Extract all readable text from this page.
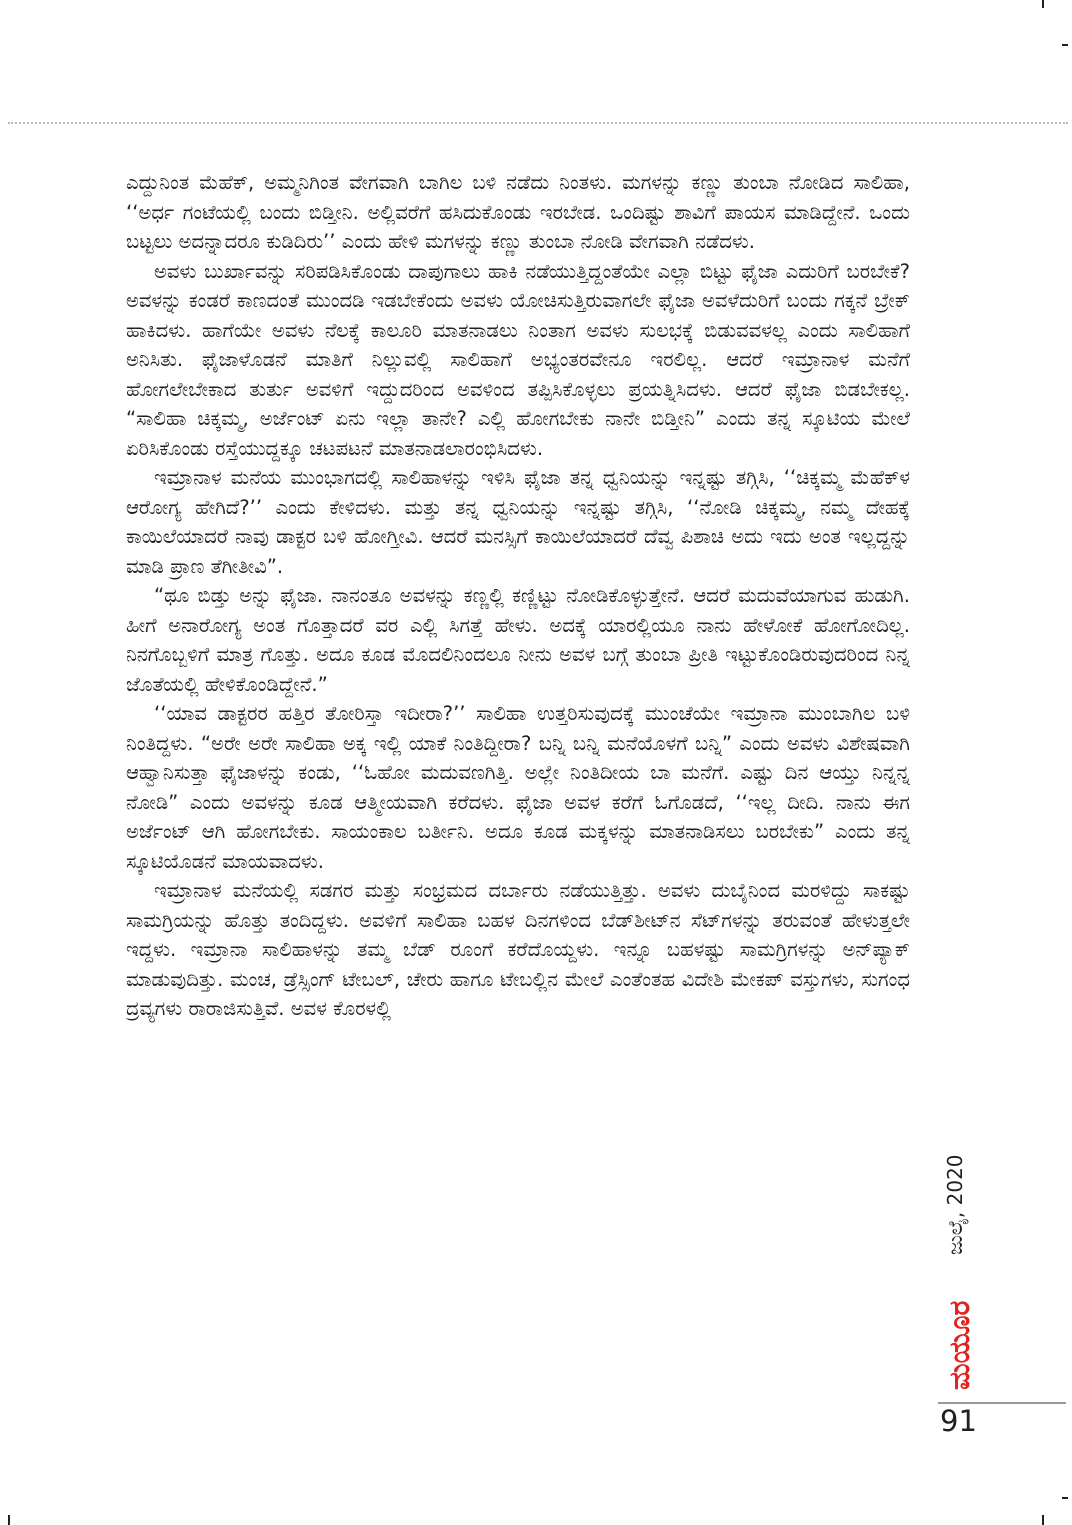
ಎದ್ದುನಿಂತ ಮೆಹೆಕ್, ಅಮ್ಮನಿಗಿಂತ ವೇಗವಾಗಿ ಬಾಗಿಲ ಬಳಿ ನಡೆದು ನಿಂತಳು. ಮಗಳನ್ನು ಕಣ್ಣು ತುಂಬಾ ನೋಡಿದ ಸಾಲಿಹಾ, ‘‘ಅರ್ಧ ಗಂಟೆಯಲ್ಲಿ ಬಂದು ಬಿಡ್ತೀನಿ. ಅಲ್ಲಿವರೆಗೆ ಹಸಿದುಕೊಂಡು ಇರಬೇಡ. ಒಂದಿಷ್ಟು ಶಾವಿಗೆ ಪಾಯಸ ಮಾಡಿದ್ದೇನೆ. ಒಂದು ಬಟ್ಟಲು ಅದನ್ನಾದರೂ ಕುಡಿದಿರು’’ ಎಂದು ಹೇಳಿ ಮಗಳನ್ನು ಕಣ್ಣು ತುಂಬಾ ನೋಡಿ ವೇಗವಾಗಿ ನಡೆದಳು.

ಅವಳು ಬುರ್ಖಾವನ್ನು ಸರಿಪಡಿಸಿಕೊಂಡು ದಾಪುಗಾಲು ಹಾಕಿ ನಡೆಯುತ್ತಿದ್ದಂತೆಯೇ ಎಲ್ಲಾ ಬಿಟ್ಟು ಫೈಜಾ ಎದುರಿಗೆ ಬರಬೇಕೆ? ಅವಳನ್ನು ಕಂಡರೆ ಕಾಣದಂತೆ ಮುಂದಡಿ ಇಡಬೇಕೆಂದು ಅವಳು ಯೋಚಿಸುತ್ತಿರುವಾಗಲೇ ಫೈಜಾ ಅವಳೆದುರಿಗೆ ಬಂದು ಗಕ್ಕನೆ ಬ್ರೇಕ್ ಹಾಕಿದಳು. ಹಾಗೆಯೇ ಅವಳು ನೆಲಕ್ಕೆ ಕಾಲೂರಿ ಮಾತನಾಡಲು ನಿಂತಾಗ ಅವಳು ಸುಲಭಕ್ಕೆ ಬಿಡುವವಳಲ್ಲ ಎಂದು ಸಾಲಿಹಾಗೆ ಅನಿಸಿತು. ಫೈಜಾಳೊಡನೆ ಮಾತಿಗೆ ನಿಲ್ಲುವಲ್ಲಿ ಸಾಲಿಹಾಗೆ ಅಭ್ಯಂತರವೇನೂ ಇರಲಿಲ್ಲ. ಆದರೆ ಇಮ್ರಾನಾಳ ಮನೆಗೆ ಹೋಗಲೇಬೇಕಾದ ತುರ್ತು ಅವಳಿಗೆ ಇದ್ದುದರಿಂದ ಅವಳಿಂದ ತಪ್ಪಿಸಿಕೊಳ್ಳಲು ಪ್ರಯತ್ನಿಸಿದಳು. ಆದರೆ ಫೈಜಾ ಬಿಡಬೇಕಲ್ಲ. “ಸಾಲಿಹಾ ಚಿಕ್ಕಮ್ಮ, ಅರ್ಜೆಂಟ್ ಏನು ಇಲ್ಲಾ ತಾನೇ? ಎಲ್ಲಿ ಹೋಗಬೇಕು ನಾನೇ ಬಿಡ್ತೀನಿ” ಎಂದು ತನ್ನ ಸ್ಕೂಟಿಯ ಮೇಲೆ ಏರಿಸಿಕೊಂಡು ರಸ್ತೆಯುದ್ದಕ್ಕೂ ಚಟಪಟನೆ ಮಾತನಾಡಲಾರಂಭಿಸಿದಳು.

ಇಮ್ರಾನಾಳ ಮನೆಯ ಮುಂಭಾಗದಲ್ಲಿ ಸಾಲಿಹಾಳನ್ನು ಇಳಿಸಿ ಫೈಜಾ ತನ್ನ ಧ್ವನಿಯನ್ನು ಇನ್ನಷ್ಟು ತಗ್ಗಿಸಿ, ‘‘ಚಿಕ್ಕಮ್ಮ ಮೆಹೆಕ್‌ಳ ಆರೋಗ್ಯ ಹೇಗಿದೆ?’’ ಎಂದು ಕೇಳಿದಳು. ಮತ್ತು ತನ್ನ ಧ್ವನಿಯನ್ನು ಇನ್ನಷ್ಟು ತಗ್ಗಿಸಿ, ‘‘ನೋಡಿ ಚಿಕ್ಕಮ್ಮ, ನಮ್ಮ ದೇಹಕ್ಕೆ ಕಾಯಿಲೆಯಾದರೆ ನಾವು ಡಾಕ್ಟರ ಬಳಿ ಹೋಗ್ತೀವಿ. ಆದರೆ ಮನಸ್ಸಿಗೆ ಕಾಯಿಲೆಯಾದರೆ ದೆವ್ವ ಪಿಶಾಚಿ ಅದು ಇದು ಅಂತ ಇಲ್ಲದ್ದನ್ನು ಮಾಡಿ ಪ್ರಾಣ ತೆಗೀತೀವಿ”.

“ಥೂ ಬಿಡ್ತು ಅನ್ನು ಫೈಜಾ. ನಾನಂತೂ ಅವಳನ್ನು ಕಣ್ಣಲ್ಲಿ ಕಣ್ಣಿಟ್ಟು ನೋಡಿಕೊಳ್ಳುತ್ತೇನೆ. ಆದರೆ ಮದುವೆಯಾಗುವ ಹುಡುಗಿ. ಹೀಗೆ ಅನಾರೋಗ್ಯ ಅಂತ ಗೊತ್ತಾದರೆ ವರ ಎಲ್ಲಿ ಸಿಗತ್ತೆ ಹೇಳು. ಅದಕ್ಕೆ ಯಾರಲ್ಲಿಯೂ ನಾನು ಹೇಳೋಕೆ ಹೋಗೋದಿಲ್ಲ. ನಿನಗೊಬ್ಬಳಿಗೆ ಮಾತ್ರ ಗೊತ್ತು. ಅದೂ ಕೂಡ ಮೊದಲಿನಿಂದಲೂ ನೀನು ಅವಳ ಬಗ್ಗೆ ತುಂಬಾ ಪ್ರೀತಿ ಇಟ್ಟುಕೊಂಡಿರುವುದರಿಂದ ನಿನ್ನ ಜೊತೆಯಲ್ಲಿ ಹೇಳಿಕೊಂಡಿದ್ದೇನೆ.”

‘‘ಯಾವ ಡಾಕ್ಟರರ ಹತ್ತಿರ ತೋರಿಸ್ತಾ ಇದೀರಾ?’’ ಸಾಲಿಹಾ ಉತ್ತರಿಸುವುದಕ್ಕೆ ಮುಂಚೆಯೇ ಇಮ್ರಾನಾ ಮುಂಬಾಗಿಲ ಬಳಿ ನಿಂತಿದ್ದಳು. “ಅರೇ ಅರೇ ಸಾಲಿಹಾ ಅಕ್ಕ ಇಲ್ಲಿ ಯಾಕೆ ನಿಂತಿದ್ದೀರಾ? ಬನ್ನಿ ಬನ್ನಿ ಮನೆಯೊಳಗೆ ಬನ್ನಿ” ಎಂದು ಅವಳು ವಿಶೇಷವಾಗಿ ಆಹ್ವಾನಿಸುತ್ತಾ ಫೈಜಾಳನ್ನು ಕಂಡು, ‘‘ಓಹೋ ಮದುವಣಗಿತ್ತಿ. ಅಲ್ಲೇ ನಿಂತಿದೀಯ ಬಾ ಮನೆಗೆ. ಎಷ್ಟು ದಿನ ಆಯ್ತು ನಿನ್ನನ್ನ ನೋಡಿ” ಎಂದು ಅವಳನ್ನು ಕೂಡ ಆತ್ಮೀಯವಾಗಿ ಕರೆದಳು. ಫೈಜಾ ಅವಳ ಕರೆಗೆ ಓಗೊಡದೆ, ‘‘ಇಲ್ಲ ದೀದಿ. ನಾನು ಈಗ ಅರ್ಜೆಂಟ್ ಆಗಿ ಹೋಗಬೇಕು. ಸಾಯಂಕಾಲ ಬರ್ತೀನಿ. ಅದೂ ಕೂಡ ಮಕ್ಕಳನ್ನು ಮಾತನಾಡಿಸಲು ಬರಬೇಕು” ಎಂದು ತನ್ನ ಸ್ಕೂಟಿಯೊಡನೆ ಮಾಯವಾದಳು.

ಇಮ್ರಾನಾಳ ಮನೆಯಲ್ಲಿ ಸಡಗರ ಮತ್ತು ಸಂಭ್ರಮದ ದರ್ಬಾರು ನಡೆಯುತ್ತಿತ್ತು. ಅವಳು ದುಬೈನಿಂದ ಮರಳಿದ್ದು ಸಾಕಷ್ಟು ಸಾಮಗ್ರಿಯನ್ನು ಹೊತ್ತು ತಂದಿದ್ದಳು. ಅವಳಿಗೆ ಸಾಲಿಹಾ ಬಹಳ ದಿನಗಳಿಂದ ಬೆಡ್‌ಶೀಟ್‌ನ ಸೆಟ್‌ಗಳನ್ನು ತರುವಂತೆ ಹೇಳುತ್ತಲೇ ಇದ್ದಳು. ಇಮ್ರಾನಾ ಸಾಲಿಹಾಳನ್ನು ತಮ್ಮ ಬೆಡ್ ರೂಂಗೆ ಕರೆದೊಯ್ದಳು. ಇನ್ನೂ ಬಹಳಷ್ಟು ಸಾಮಗ್ರಿಗಳನ್ನು ಅನ್‌ಪ್ಯಾಕ್ ಮಾಡುವುದಿತ್ತು. ಮಂಚ, ಡ್ರೆಸ್ಸಿಂಗ್ ಟೇಬಲ್, ಚೇರು ಹಾಗೂ ಟೇಬಲ್ಲಿನ ಮೇಲೆ ಎಂತೆಂತಹ ವಿದೇಶಿ ಮೇಕಪ್ ವಸ್ತುಗಳು, ಸುಗಂಧ ದ್ರವ್ಯಗಳು ರಾರಾಜಿಸುತ್ತಿವೆ. ಅವಳ ಕೊರಳಲ್ಲಿ

ಜುಲೈ, 2020
ಮಯೂರ
91
